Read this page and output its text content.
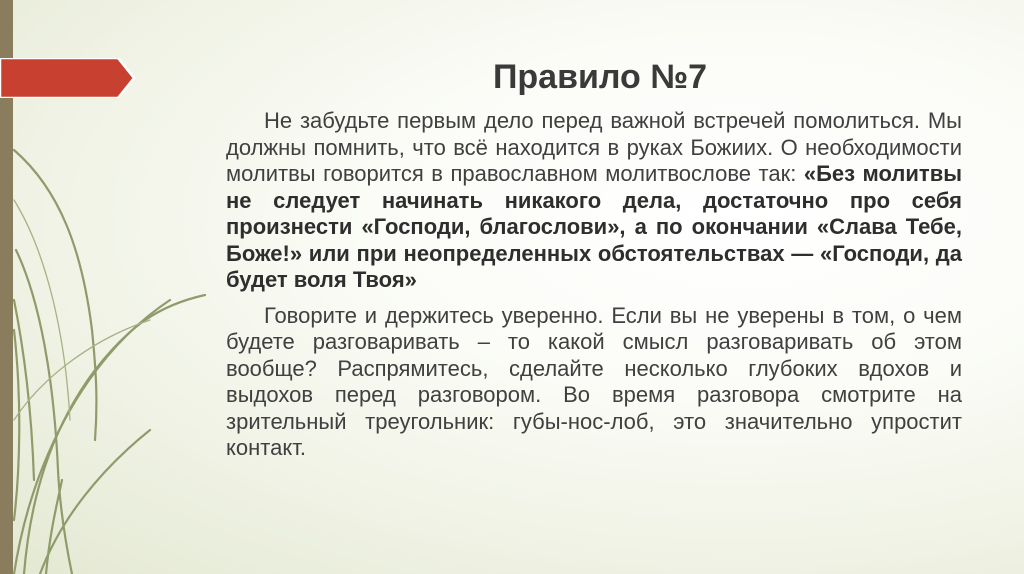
Правило №7

Не забудьте первым дело перед важной встречей помолиться. Мы должны помнить, что всё находится в руках Божиих. О необходимости молитвы говорится в православном молитвослове так: «Без молитвы не следует начинать никакого дела, достаточно про себя произнести «Господи, благослови», а по окончании «Слава Тебе, Боже!» или при неопределенных обстоятельствах — «Господи, да будет воля Твоя»

Говорите и держитесь уверенно. Если вы не уверены в том, о чем будете разговаривать – то какой смысл разговаривать об этом вообще? Распрямитесь, сделайте несколько глубоких вдохов и выдохов перед разговором. Во время разговора смотрите на зрительный треугольник: губы-нос-лоб, это значительно упростит контакт.
